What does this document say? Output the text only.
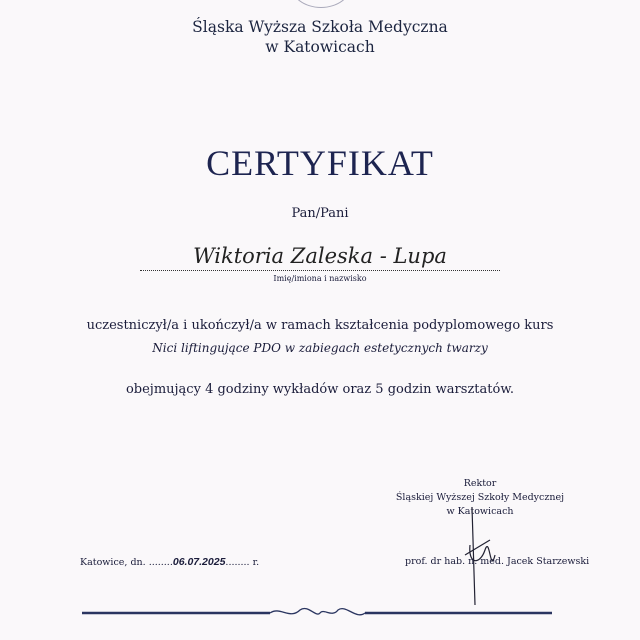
Śląska Wyższa Szkoła Medyczna
w Katowicach
CERTYFIKAT
Pan/Pani
Wiktoria Zaleska - Lupa
Imię/imiona i nazwisko
uczestniczył/a i ukończył/a w ramach kształcenia podyplomowego kurs
Nici liftingujące PDO w zabiegach estetycznych twarzy
obejmujący 4 godziny wykładów oraz 5 godzin warsztatów.
Rektor
Śląskiej Wyższej Szkoły Medycznej
w Katowicach
Katowice, dn. ........06.07.2025........ r.	prof. dr hab. n. med. Jacek Starzewski
